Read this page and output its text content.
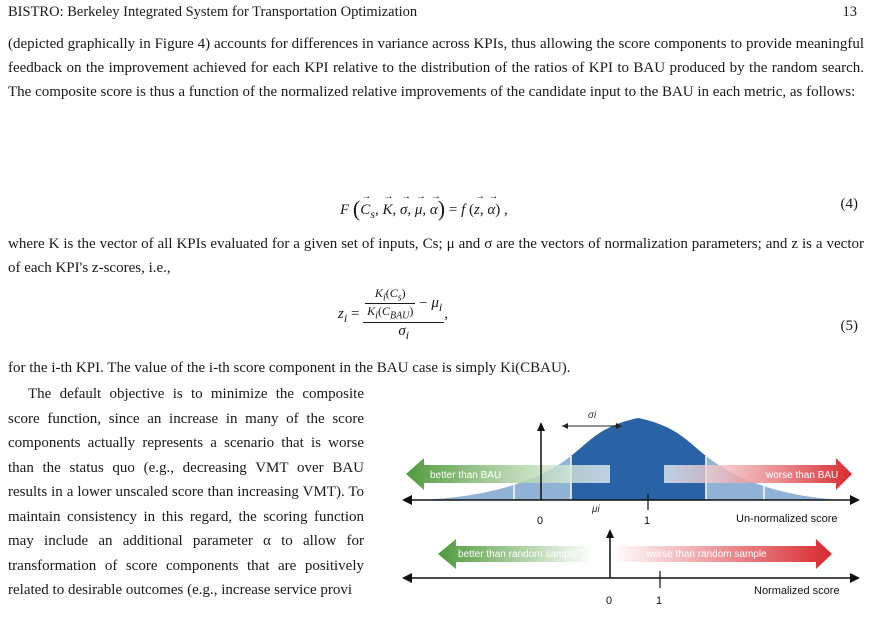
BISTRO: Berkeley Integrated System for Transportation Optimization	13
(depicted graphically in Figure 4) accounts for differences in variance across KPIs, thus allowing the score components to provide meaningful feedback on the improvement achieved for each KPI relative to the distribution of the ratios of KPI to BAU produced by the random search. The composite score is thus a function of the normalized relative improvements of the candidate input to the BAU in each metric, as follows:
F (→ $C_s$, → K, → σ, → μ, → α) = f (→ z, → α) ,	(4)
where K is the vector of all KPIs evaluated for a given set of inputs, Cs; μ and σ are the vectors of normalization parameters; and z is a vector of each KPI's z-scores, i.e.,
$z_i = \frac{\frac{K_i(C_s)}{K_i(C_{BAU})} - \mu_i}{\sigma_i}$ ,
(5)
for the i-th KPI. The value of the i-th score component in the BAU case is simply Ki(CBAU).
The default objective is to minimize the composite score function, since an increase in many of the score components actually represents a scenario that is worse than the status quo (e.g., decreasing VMT over BAU results in a lower unscaled score than increasing VMT). To maintain consistency in this regard, the scoring function may include an additional parameter α to allow for transformation of score components that are positively related to desirable outcomes (e.g., increase service provi
σi
better than BAU	worse than BAU
μi
0	1	Un-normalized score
better than random sample	worse than random sample
0	1
Normalized score
